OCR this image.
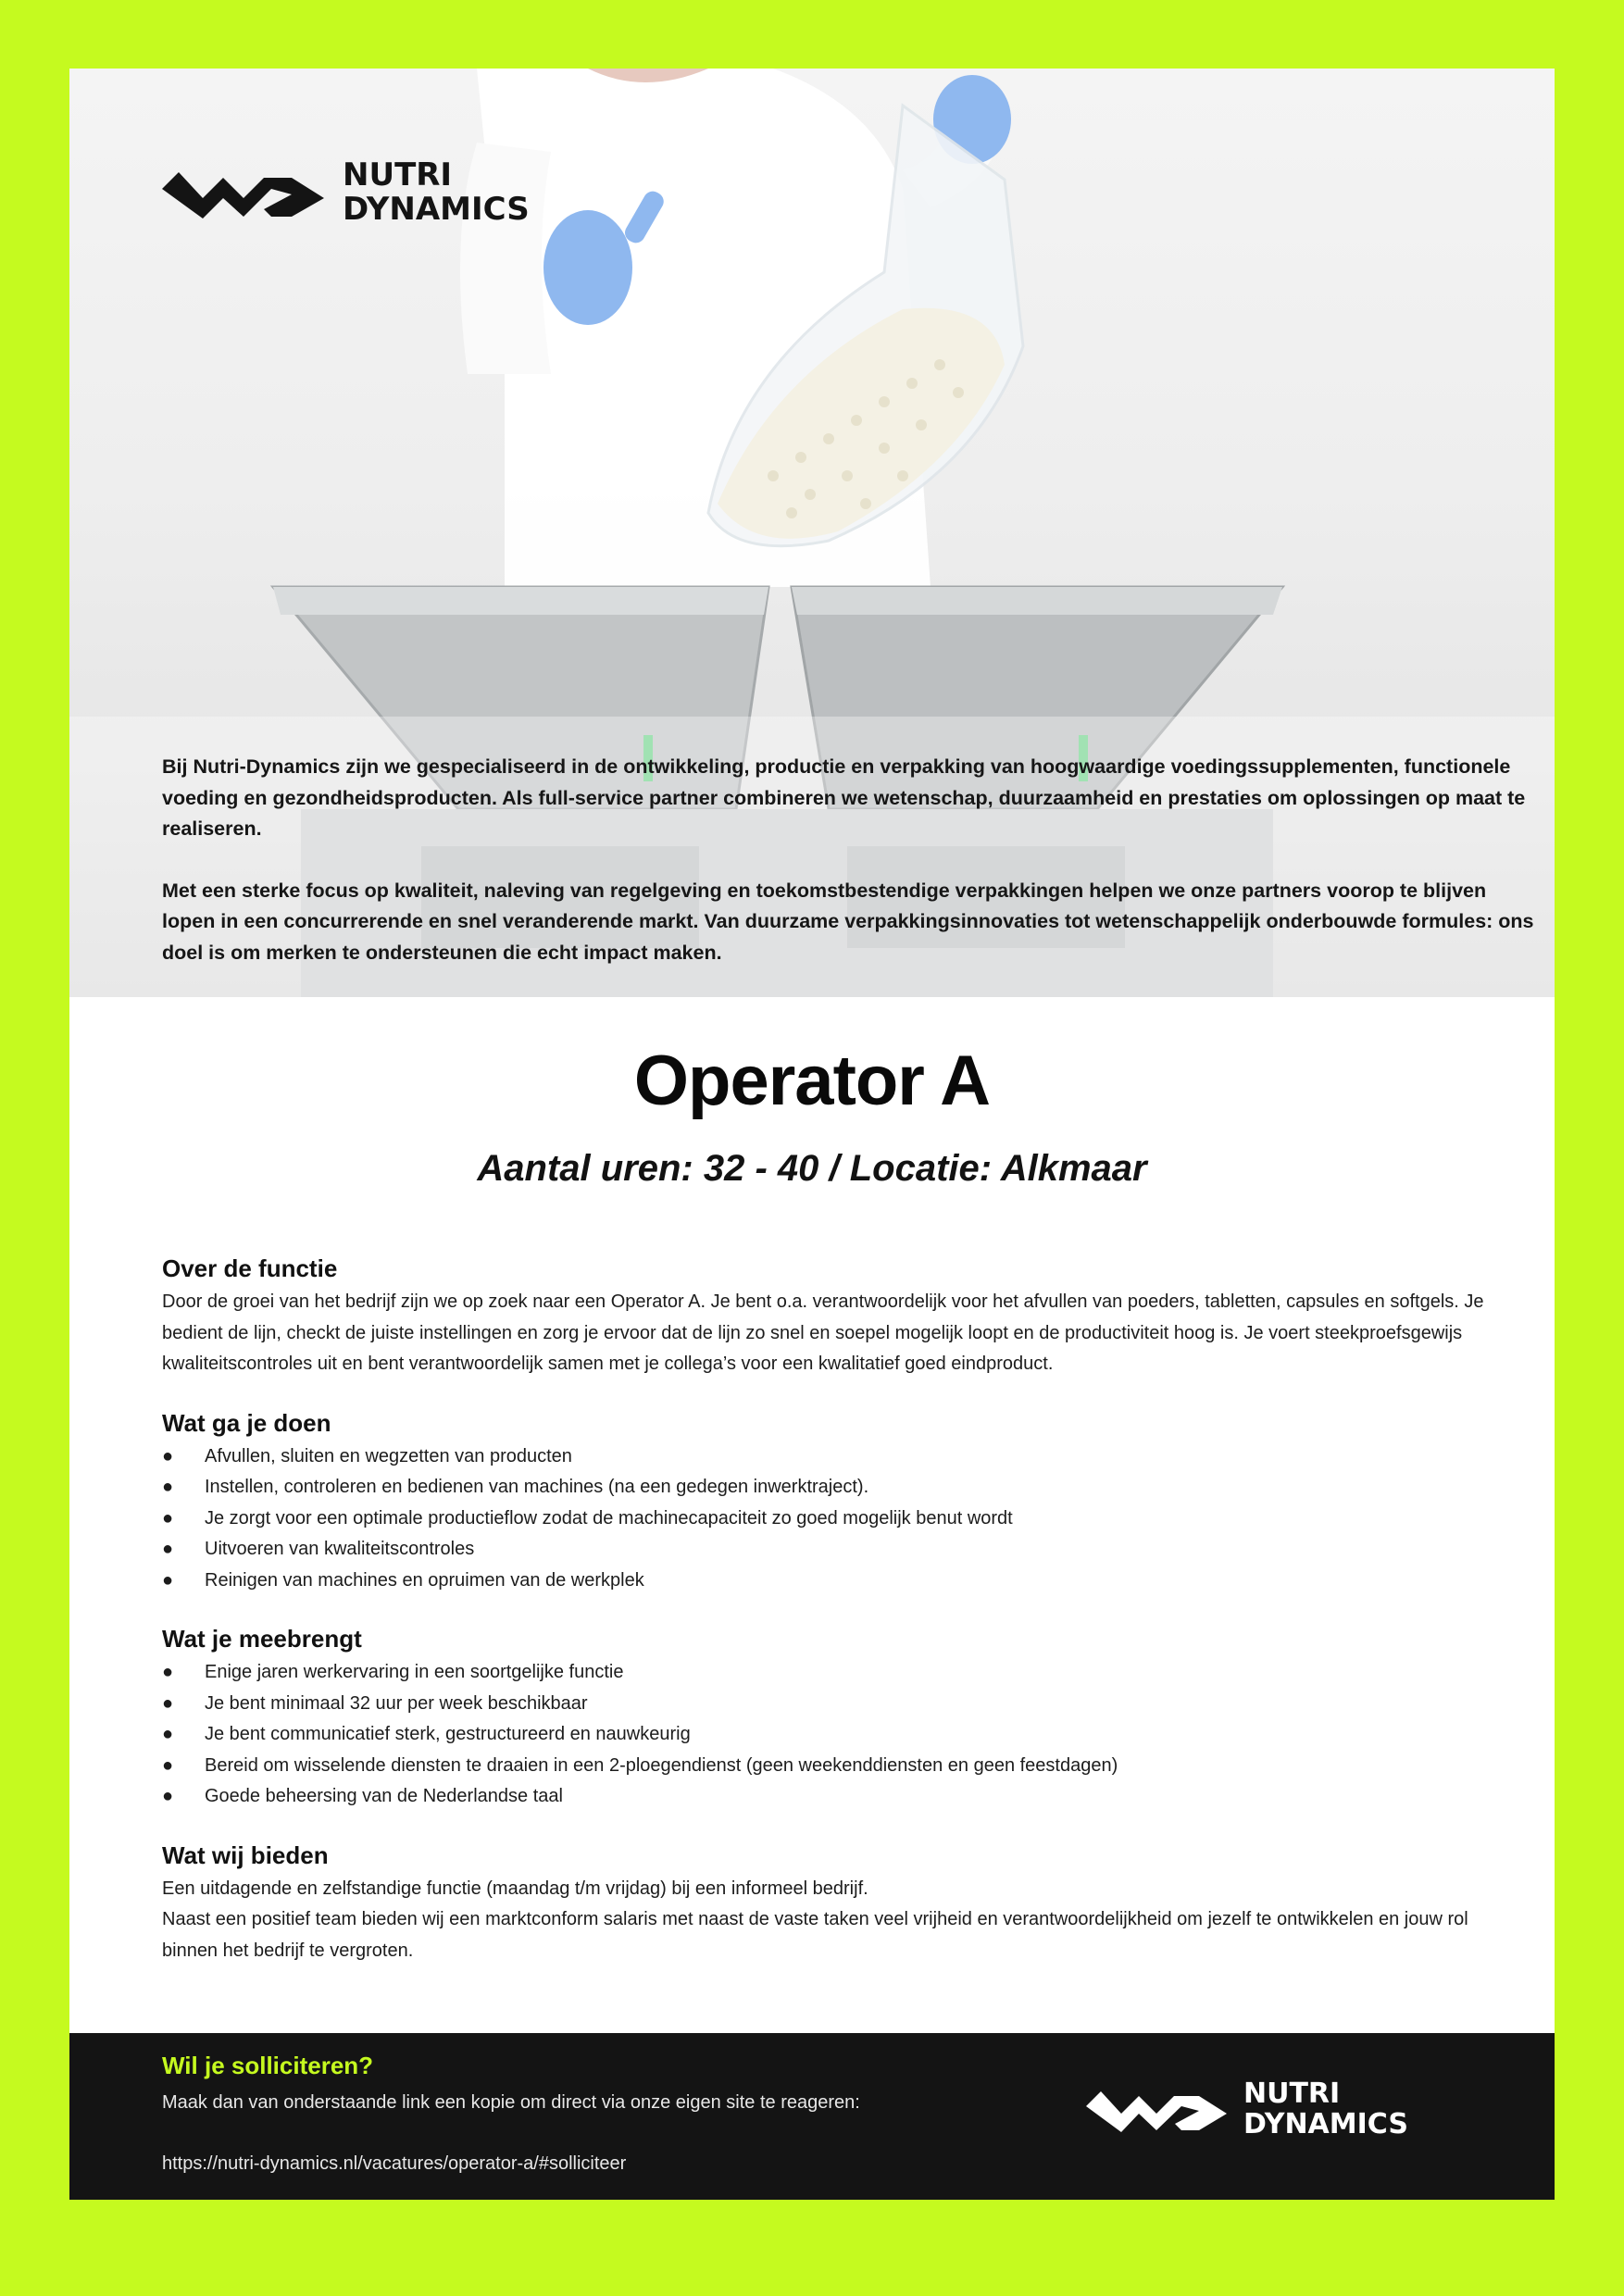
NUTRI
DYNAMICS

Bij Nutri-Dynamics zijn we gespecialiseerd in de ontwikkeling, productie en verpakking van hoogwaardige voedingssupplementen, functionele voeding en gezondheidsproducten. Als full-service partner combineren we wetenschap, duurzaamheid en prestaties om oplossingen op maat te realiseren.

Met een sterke focus op kwaliteit, naleving van regelgeving en toekomstbestendige verpakkingen helpen we onze partners voorop te blijven lopen in een concurrerende en snel veranderende markt. Van duurzame verpakkingsinnovaties tot wetenschappelijk onderbouwde formules: ons doel is om merken te ondersteunen die echt impact maken.

Operator A

Aantal uren: 32 - 40 / Locatie: Alkmaar

Over de functie

Door de groei van het bedrijf zijn we op zoek naar een Operator A. Je bent o.a. verantwoordelijk voor het afvullen van poeders, tabletten, capsules en softgels. Je bedient de lijn, checkt de juiste instellingen en zorg je ervoor dat de lijn zo snel en soepel mogelijk loopt en de productiviteit hoog is. Je voert steekproefsgewijs kwaliteitscontroles uit en bent verantwoordelijk samen met je collega’s voor een kwalitatief goed eindproduct.

Wat ga je doen
● Afvullen, sluiten en wegzetten van producten
● Instellen, controleren en bedienen van machines (na een gedegen inwerktraject).
● Je zorgt voor een optimale productieflow zodat de machinecapaciteit zo goed mogelijk benut wordt
● Uitvoeren van kwaliteitscontroles
● Reinigen van machines en opruimen van de werkplek
Wat je meebrengt
● Enige jaren werkervaring in een soortgelijke functie
● Je bent minimaal 32 uur per week beschikbaar
● Je bent communicatief sterk, gestructureerd en nauwkeurig
● Bereid om wisselende diensten te draaien in een 2-ploegendienst (geen weekenddiensten en geen feestdagen)
● Goede beheersing van de Nederlandse taal
Wat wij bieden

Een uitdagende en zelfstandige functie (maandag t/m vrijdag) bij een informeel bedrijf.

Naast een positief team bieden wij een marktconform salaris met naast de vaste taken veel vrijheid en verantwoordelijkheid om jezelf te ontwikkelen en jouw rol binnen het bedrijf te vergroten.

Wil je solliciteren?

Maak dan van onderstaande link een kopie om direct via onze eigen site te reageren:

https://nutri-dynamics.nl/vacatures/operator-a/#solliciteer

NUTRI
DYNAMICS
